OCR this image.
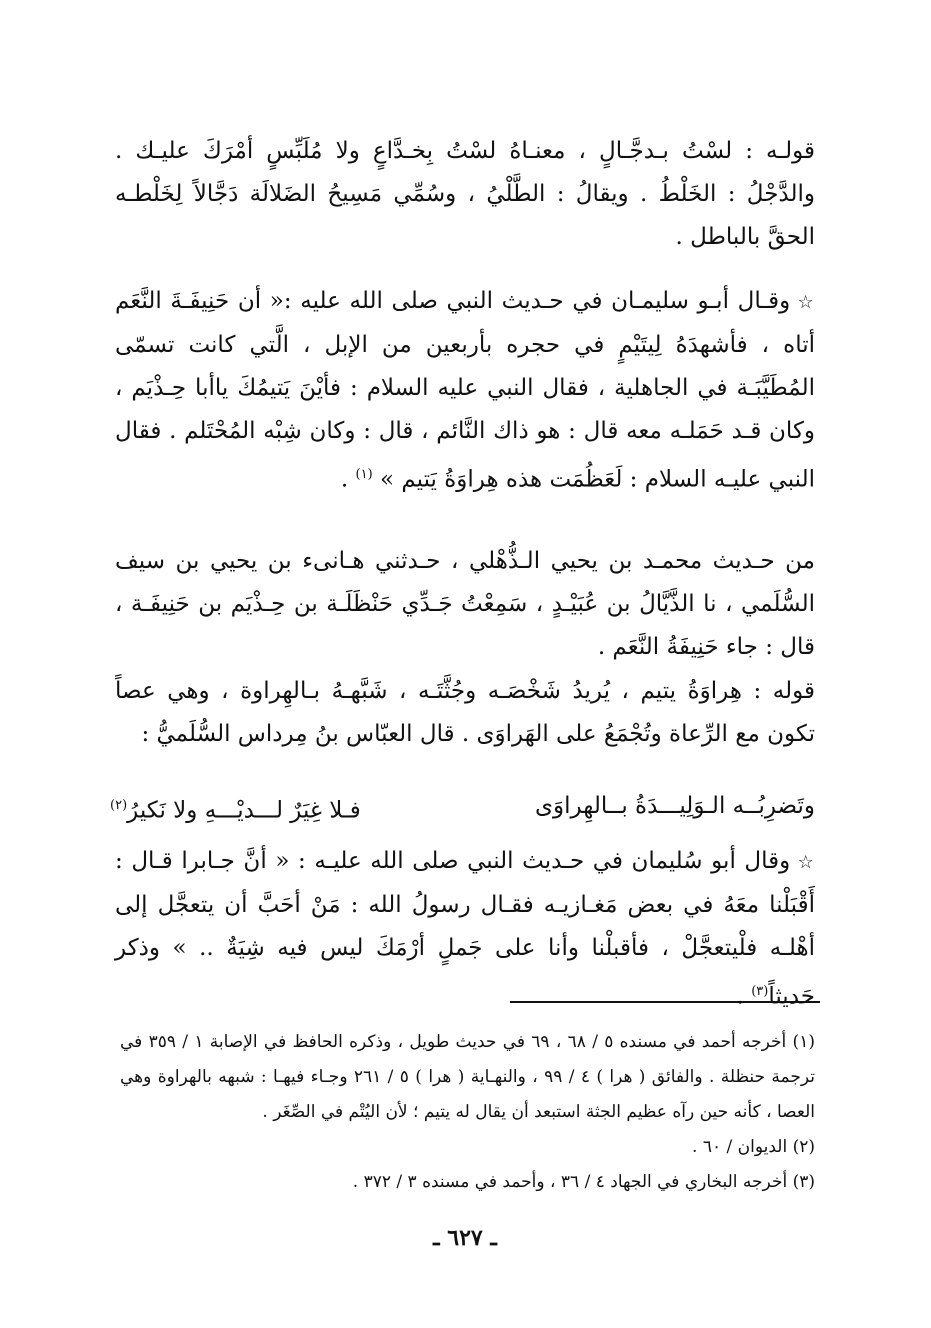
قولـه : لسْتُ بـدجَّـالٍ ، معنـاهُ لسْتُ بِخـدَّاعٍ ولا مُلَبِّسٍ أمْرَكَ عليـك . والدَّجْلُ : الخَلْطُ . ويقالُ : الطَّلْيُ ، وسُمِّي مَسِيحُ الضَلالَة دَجَّالاً لِخَلْطـه الحقَّ بالباطل .
☆ وقـال أبـو سليمـان في حـديث النبي صلى الله عليه :« أن حَنِيفَـةَ النَّعَم أتاه ، فأشهدَهُ لِيتَيْمٍ في حجره بأربعين من الإبل ، الَّتي كانت تسمّى المُطَيَّبَـة في الجاهلية ، فقال النبي عليه السلام : فأيْنَ يَتيمُكَ ياأبا حِـذْيَم ، وكان قـد حَمَلـه معه قال : هو ذاك النَّائم ، قال : وكان شِبْه المُحْتَلم . فقال النبي عليـه السلام : لَعَظُمَت هذه هِراوَةُ يَتيم » $^{(١)}$ .
من حـديث محمـد بن يحيي الـذُّهْلي ، حـدثني هـانىء بن يحيي بن سيف السُّلَمي ، نا الذَّيَّالُ بن عُبَيْـدٍ ، سَمِعْتُ جَـدِّي حَنْظَلَـة بن حِـذْيَم بن حَنِيفَـة ، قال : جاء حَنِيفَةُ النَّعَم .
قوله : هِراوَةُ يتيم ، يُريدُ شَخْصَـه وجُثَّتَـه ، شَبَّهـهُ بـالهِراوة ، وهي عصاً تكون مع الرِّعاة وتُجْمَعُ على الهَراوَى . قال العبّاس بنُ مِرداس السُّلَميُّ :
وتَضرِبُــه الـوَلِيـــدَةُ بــالهِراوَى
فـلا غِيَرٌ لـــديْـــهِ ولا نَكيرُ$^{(٢)}$
☆ وقال أبو سُليمان في حـديث النبي صلى الله عليـه : « أنَّ جـابرا قـال : أَقْبَلْنا معَهُ في بعض مَغـازيـه فقـال رسولُ الله : مَنْ أحَبَّ أن يتعجَّل إلى أهْلـه فلْيتعجَّلْ ، فأقبلْنا وأنا على جَملٍ أرْمَكَ ليس فيه شِيَةٌ .. » وذكر حَديثاً$^{(٣)}$ .

(١) أخرجه أحمد في مسنده ٥ / ٦٨ ، ٦٩ في حديث طويل ، وذكره الحافظ في الإصابة ١ / ٣٥٩ في ترجمة حنظلة . والفائق ( هرا ) ٤ / ٩٩ ، والنهـاية ( هرا ) ٥ / ٢٦١ وجـاء فيهـا : شبهه بالهراوة وهي العصا ، كأنه حين رآه عظيم الجثة استبعد أن يقال له يتيم ؛ لأن اليُتْم في الصِّغَر .

(٢) الديوان / ٦٠ .

(٣) أخرجه البخاري في الجهاد ٤ / ٣٦ ، وأحمد في مسنده ٣ / ٣٧٢ .

ـ ٦٢٧ ـ
